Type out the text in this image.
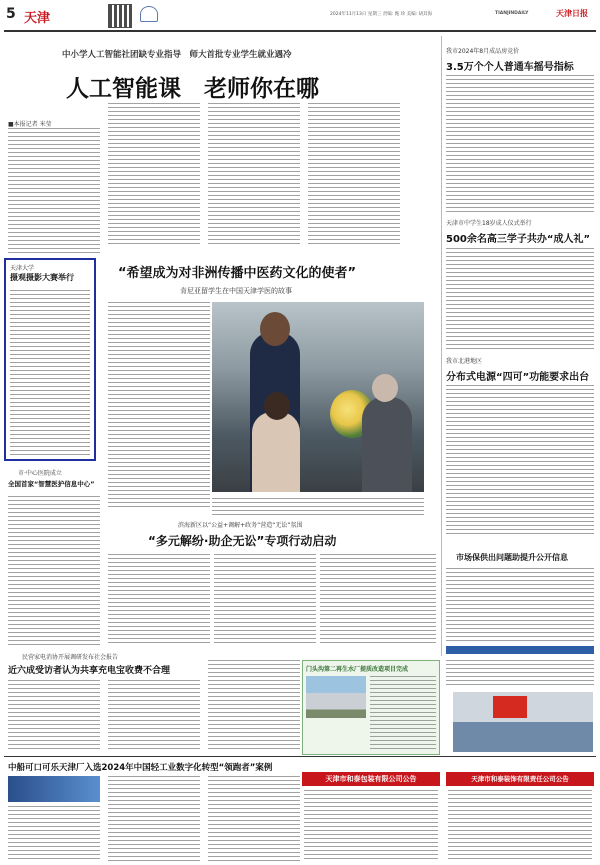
5 天津	2024年11月13日 星期三 责编: 甄 珍 美编: 胡其海	TIANJINDAILY	天津日报
中小学人工智能社团缺专业指导　师大首批专业学生就业遇冷
人工智能课　老师你在哪
■本报记者 米莹
我市2024年8月成品房竞价
3.5万个个人普通车摇号指标
天津市中学生18岁成人仪式举行
500余名高三学子共办“成人礼”
我市北港地区
分布式电源“四可”功能要求出台
市场保供出问题助提升公开信息
天津大学
摄观摄影大赛举行	“希望成为对非洲传播中医药文化的使者”
肯尼亚留学生在中国天津学医的故事
市·中心医院成立
全国首家“智慧医护信息中心”
滨海新区以“公益+调解+政务”营造“无讼”氛围
“多元解纷·助企无讼”专项行动启动
民营家电消协开展调研发布社会报告
近六成受访者认为共享充电宝收费不合理	门头沟第二再生水厂提质改造项目完成
中船可口可乐天津厂入选2024年中国轻工业数字化转型“领跑者”案例
天津市和泰包装有限公司公告	天津市和泰装饰有限责任公司公告
